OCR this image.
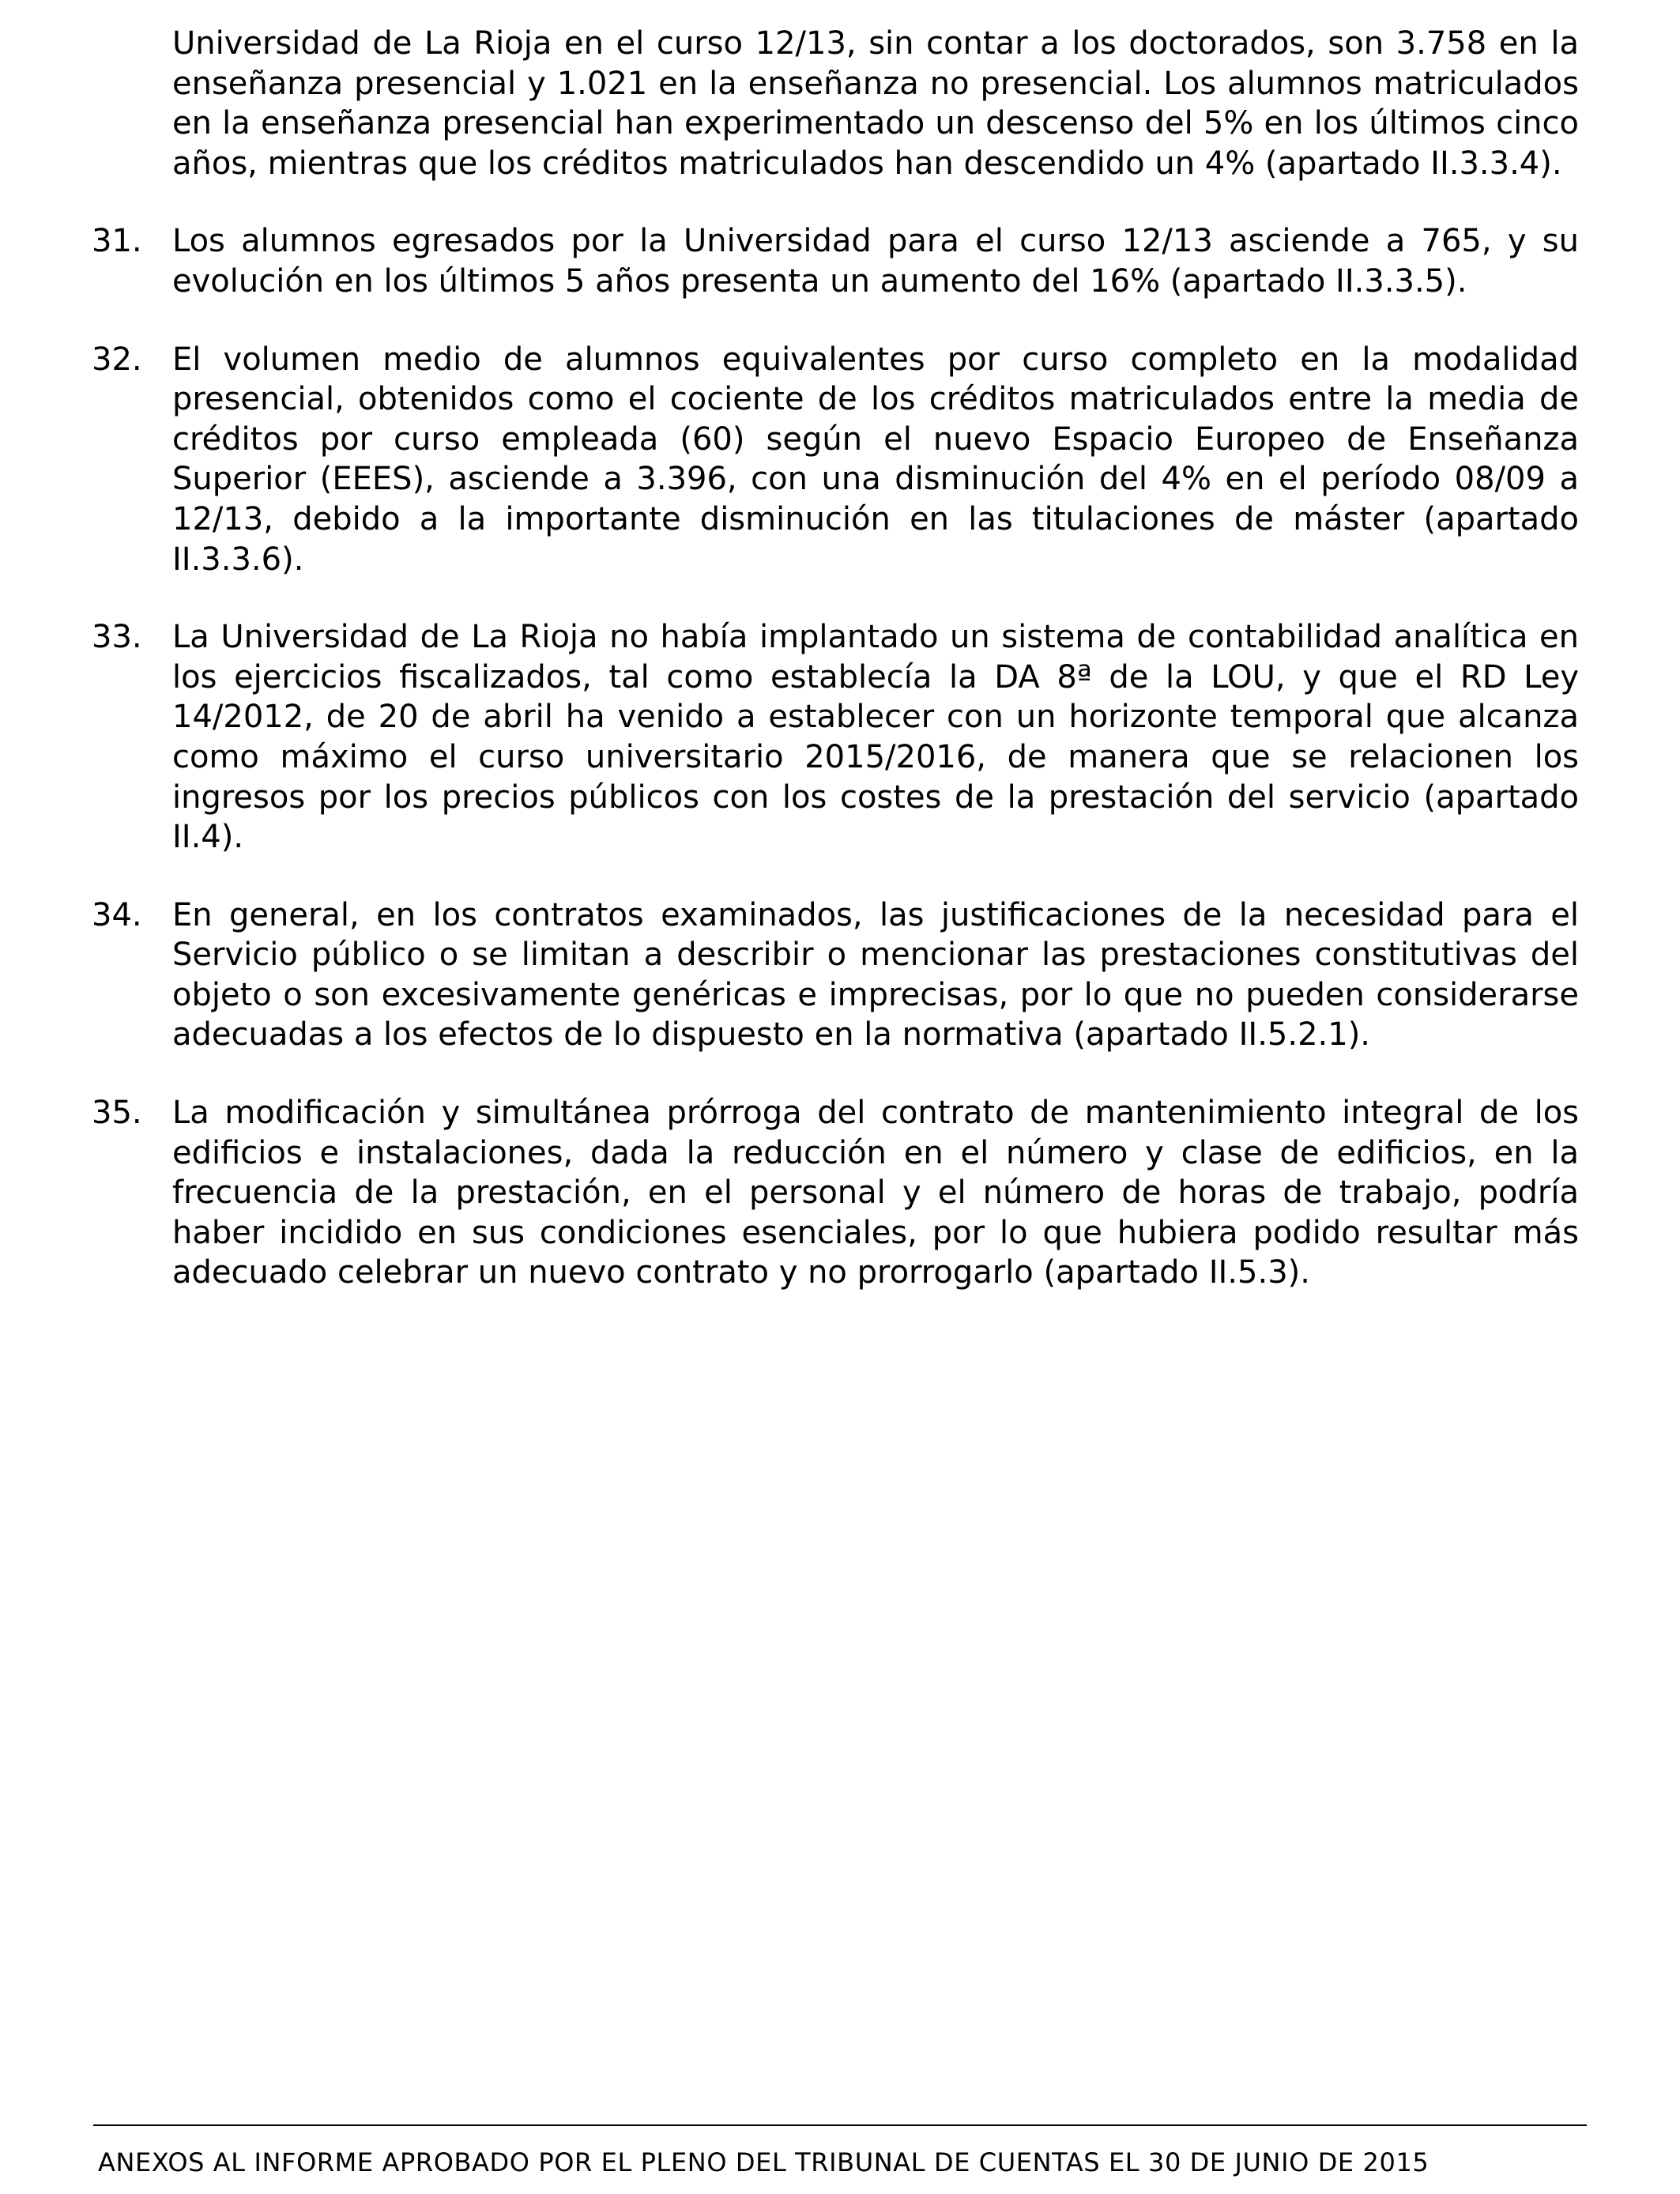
Universidad de La Rioja en el curso 12/13, sin contar a los doctorados, son 3.758 en la enseñanza presencial y 1.021 en la enseñanza no presencial. Los alumnos matriculados en la enseñanza presencial han experimentado un descenso del 5% en los últimos cinco años, mientras que los créditos matriculados han descendido un 4% (apartado II.3.3.4).

31. Los alumnos egresados por la Universidad para el curso 12/13 asciende a 765, y su evolución en los últimos 5 años presenta un aumento del 16% (apartado II.3.3.5).
32. El volumen medio de alumnos equivalentes por curso completo en la modalidad presencial, obtenidos como el cociente de los créditos matriculados entre la media de créditos por curso empleada (60) según el nuevo Espacio Europeo de Enseñanza Superior (EEES), asciende a 3.396, con una disminución del 4% en el período 08/09 a 12/13, debido a la importante disminución en las titulaciones de máster (apartado II.3.3.6).
33. La Universidad de La Rioja no había implantado un sistema de contabilidad analítica en los ejercicios fiscalizados, tal como establecía la DA 8ª de la LOU, y que el RD Ley 14/2012, de 20 de abril ha venido a establecer con un horizonte temporal que alcanza como máximo el curso universitario 2015/2016, de manera que se relacionen los ingresos por los precios públicos con los costes de la prestación del servicio (apartado II.4).
34. En general, en los contratos examinados, las justificaciones de la necesidad para el Servicio público o se limitan a describir o mencionar las prestaciones constitutivas del objeto o son excesivamente genéricas e imprecisas, por lo que no pueden considerarse adecuadas a los efectos de lo dispuesto en la normativa (apartado II.5.2.1).
35. La modificación y simultánea prórroga del contrato de mantenimiento integral de los edificios e instalaciones, dada la reducción en el número y clase de edificios, en la frecuencia de la prestación, en el personal y el número de horas de trabajo, podría haber incidido en sus condiciones esenciales, por lo que hubiera podido resultar más adecuado celebrar un nuevo contrato y no prorrogarlo (apartado II.5.3).
ANEXOS AL INFORME APROBADO POR EL PLENO DEL TRIBUNAL DE CUENTAS EL 30 DE JUNIO DE 2015
